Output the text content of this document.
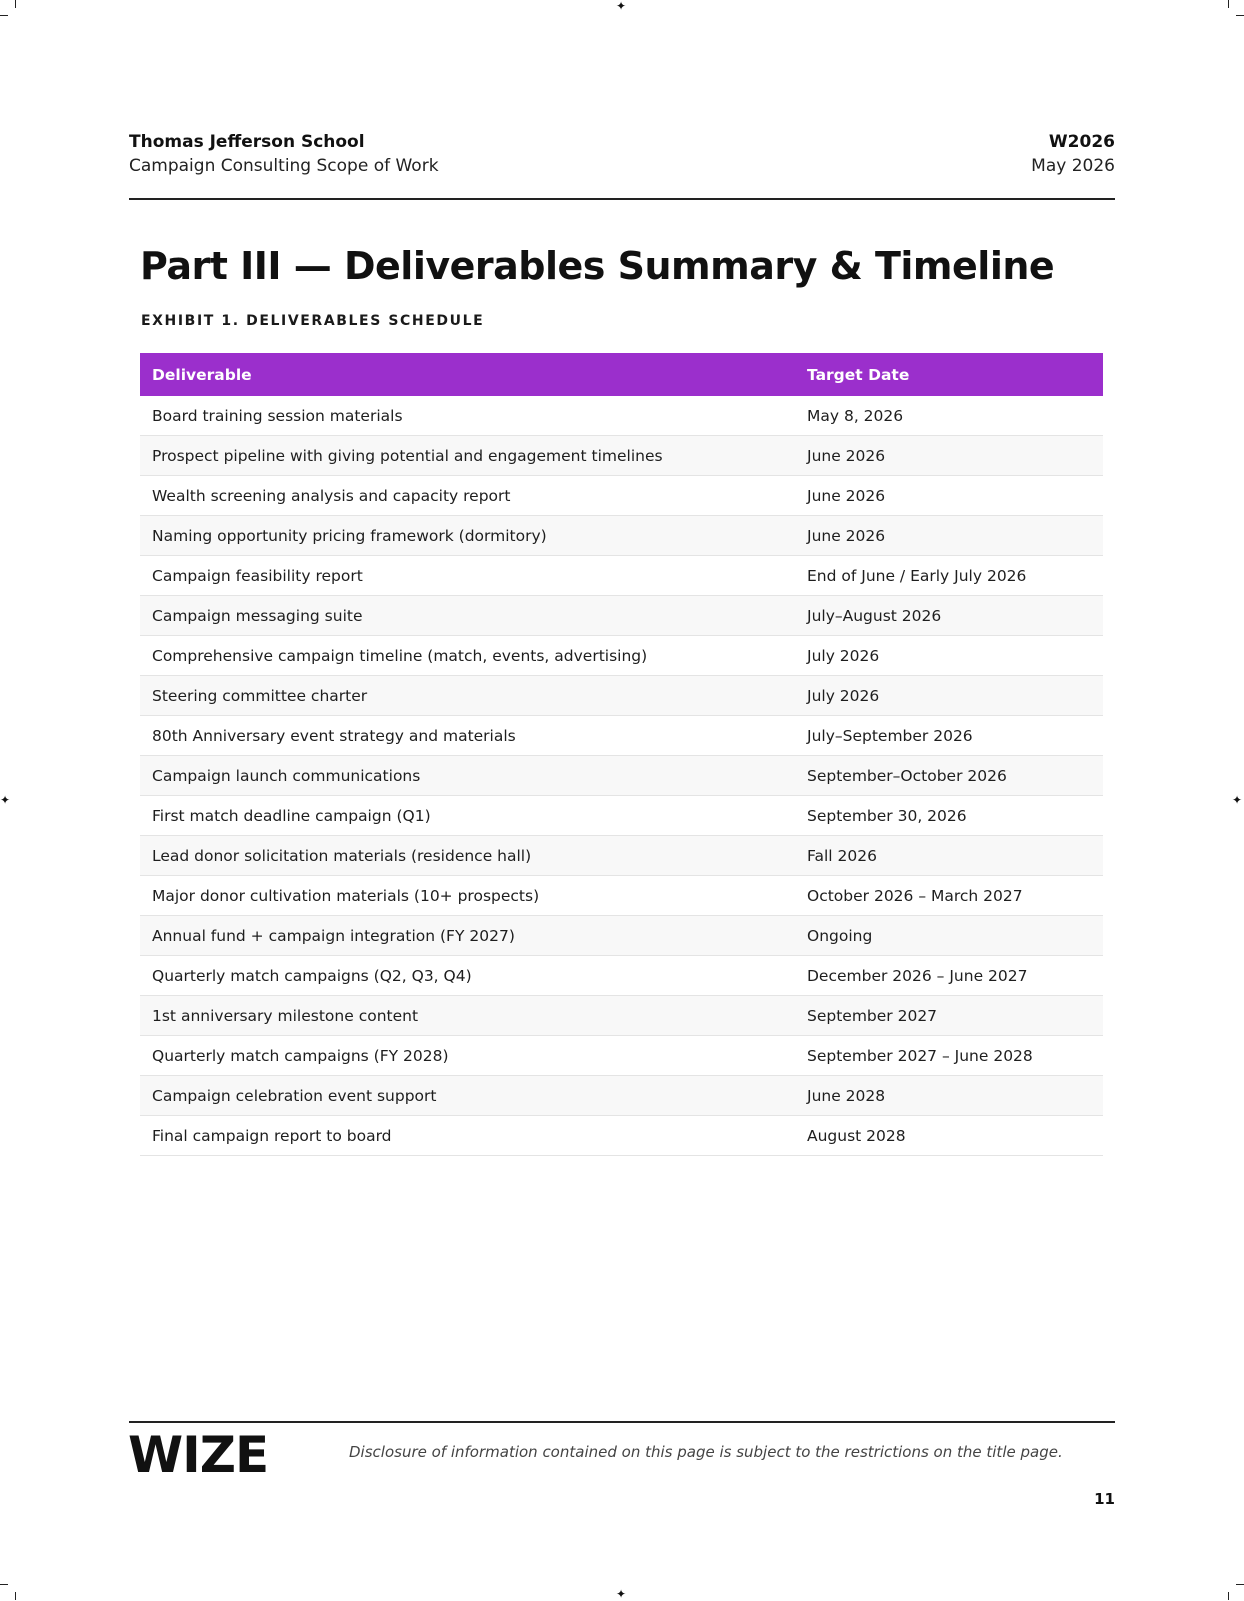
✦
✦
✦	✦
Thomas Jefferson School
Campaign Consulting Scope of Work
W2026
May 2026
Part III — Deliverables Summary & Timeline
EXHIBIT 1. DELIVERABLES SCHEDULE
Deliverable	Target Date
Board training session materials	May 8, 2026
Prospect pipeline with giving potential and engagement timelines	June 2026
Wealth screening analysis and capacity report	June 2026
Naming opportunity pricing framework (dormitory)	June 2026
Campaign feasibility report	End of June / Early July 2026
Campaign messaging suite	July–August 2026
Comprehensive campaign timeline (match, events, advertising)	July 2026
Steering committee charter	July 2026
80th Anniversary event strategy and materials	July–September 2026
Campaign launch communications	September–October 2026
First match deadline campaign (Q1)	September 30, 2026
Lead donor solicitation materials (residence hall)	Fall 2026
Major donor cultivation materials (10+ prospects)	October 2026 – March 2027
Annual fund + campaign integration (FY 2027)	Ongoing
Quarterly match campaigns (Q2, Q3, Q4)	December 2026 – June 2027
1st anniversary milestone content	September 2027
Quarterly match campaigns (FY 2028)	September 2027 – June 2028
Campaign celebration event support	June 2028
Final campaign report to board	August 2028
WIZE	Disclosure of information contained on this page is subject to the restrictions on the title page.
11
